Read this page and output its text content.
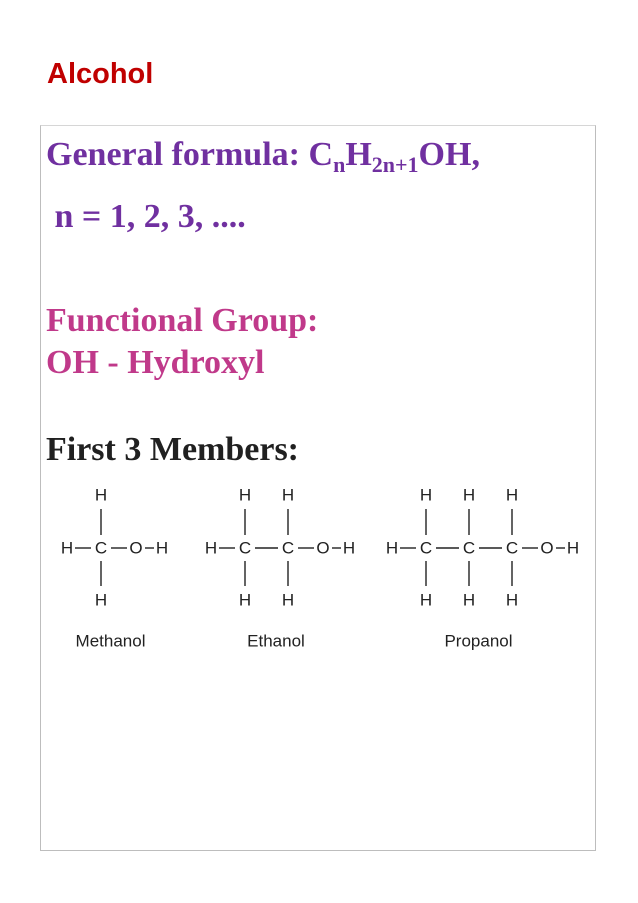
Alcohol

General formula: $C_nH_{2n+1}OH$,

n = 1, 2, 3, ....

Functional Group:

OH - Hydroxyl

First 3 Members:

H C
H
H
O H
Methanol
H C
H
H
C
H
H
O H
Ethanol
H C
H
H
C
H
H
C
H
H
O H
Propanol
